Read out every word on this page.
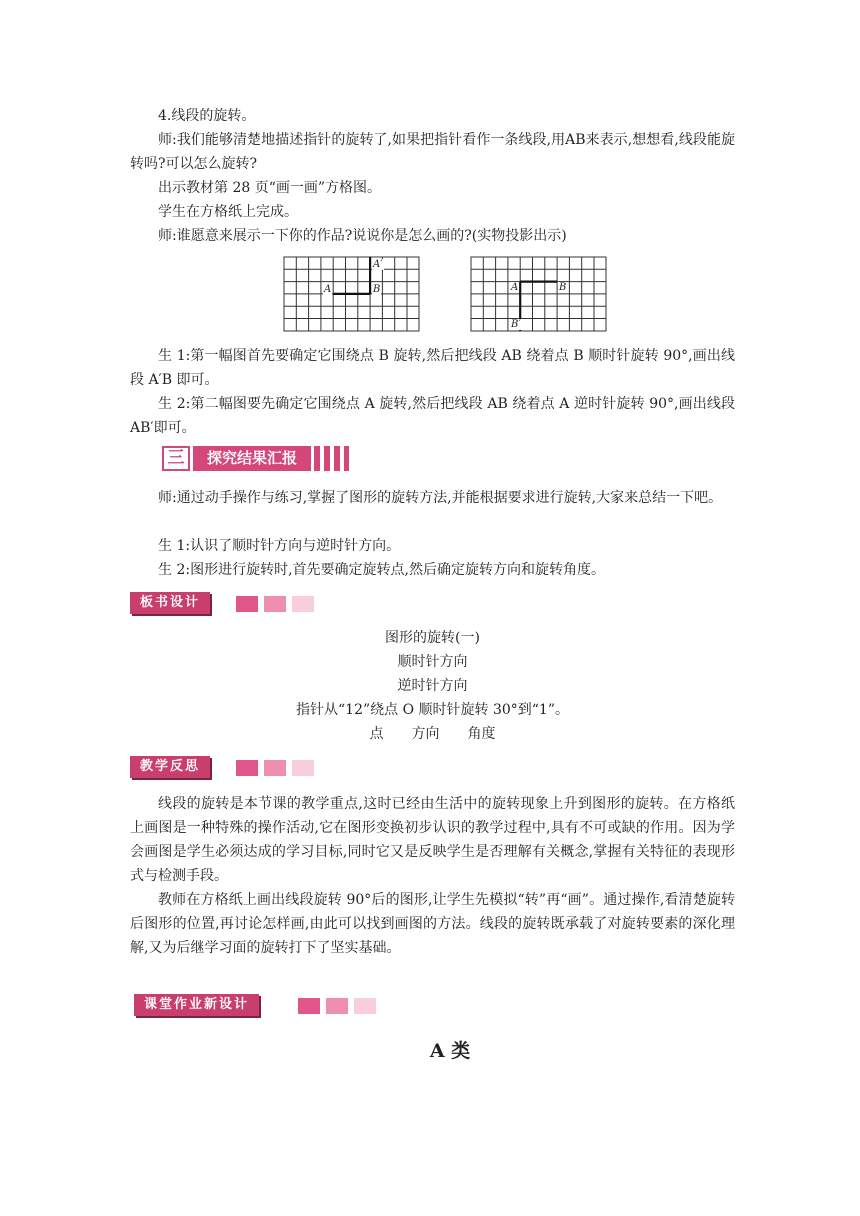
4.线段的旋转。

师:我们能够清楚地描述指针的旋转了,如果把指针看作一条线段,用AB来表示,想想看,线段能旋转吗?可以怎么旋转?

出示教材第 28 页“画一画”方格图。

学生在方格纸上完成。

师:谁愿意来展示一下你的作品?说说你是怎么画的?(实物投影出示)

A	B
A′
A	B
B′

生 1:第一幅图首先要确定它围绕点 B 旋转,然后把线段 AB 绕着点 B 顺时针旋转 90°,画出线段 A′B 即可。

生 2:第二幅图要先确定它围绕点 A 旋转,然后把线段 AB 绕着点 A 逆时针旋转 90°,画出线段 AB′即可。

三	探究结果汇报

师:通过动手操作与练习,掌握了图形的旋转方法,并能根据要求进行旋转,大家来总结一下吧。

生 1:认识了顺时针方向与逆时针方向。

生 2:图形进行旋转时,首先要确定旋转点,然后确定旋转方向和旋转角度。

板书设计

图形的旋转(一)

顺时针方向

逆时针方向

指针从“12”绕点 O 顺时针旋转 30°到“1”。

点　　方向　　角度

教学反思

线段的旋转是本节课的教学重点,这时已经由生活中的旋转现象上升到图形的旋转。在方格纸上画图是一种特殊的操作活动,它在图形变换初步认识的教学过程中,具有不可或缺的作用。因为学会画图是学生必须达成的学习目标,同时它又是反映学生是否理解有关概念,掌握有关特征的表现形式与检测手段。

教师在方格纸上画出线段旋转 90°后的图形,让学生先模拟“转”再“画”。通过操作,看清楚旋转后图形的位置,再讨论怎样画,由此可以找到画图的方法。线段的旋转既承载了对旋转要素的深化理解,又为后继学习面的旋转打下了坚实基础。

课堂作业新设计
A 类
